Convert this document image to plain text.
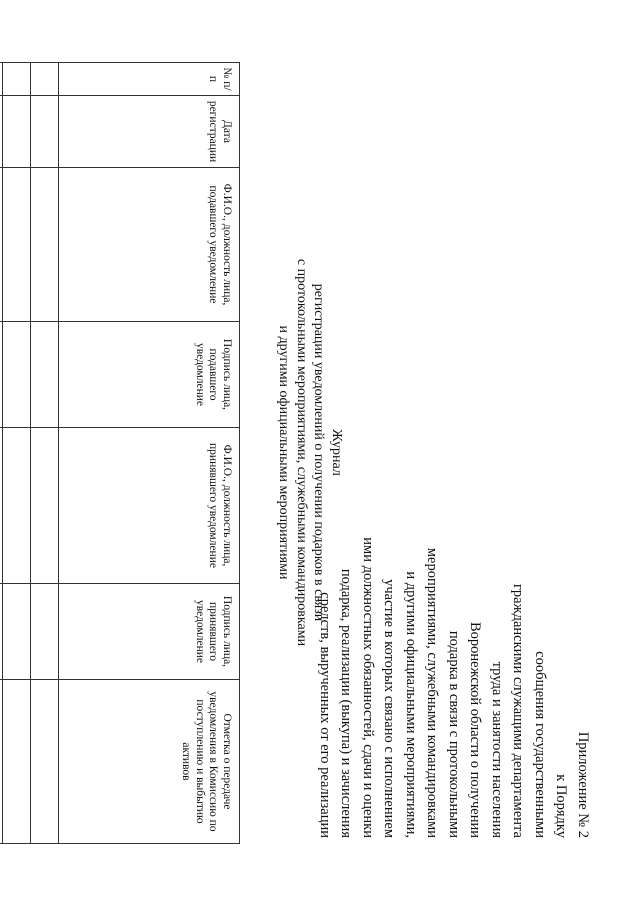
Приложение № 2
к Порядку
сообщения государственными
гражданскими служащими департамента
труда и занятости населения
Воронежской области о получении
подарка в связи с протокольными
мероприятиями, служебными командировками
и другими официальными мероприятиями,
участие в которых связано с исполнением
ими должностных обязанностей, сдачи и оценки
подарка, реализации (выкупа) и зачисления
средств, вырученных от его реализации
Журнал
регистрации уведомлений о получении подарков в связи
с протокольными мероприятиями, служебными командировками
и другими официальными мероприятиями
№ п/п	Дата регистрации	Ф.И.О., должность лица, подавшего уведомление	Подпись лица, подавшего уведомление	Ф.И.О., должность лица, принявшего уведомление	Подпись лица, принявшего уведомление	Отметка о передаче уведомления в Комиссию по поступлению и выбытию активов
